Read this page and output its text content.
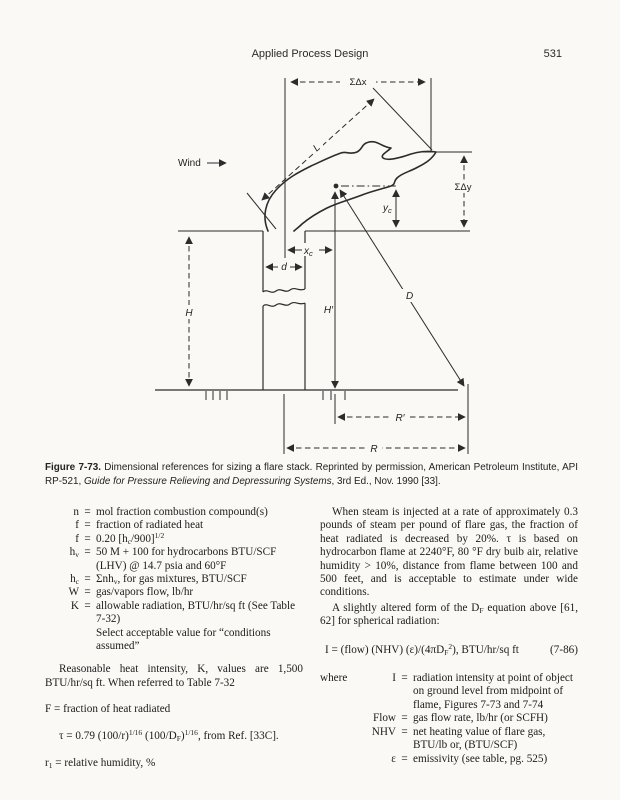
Applied Process Design	531
ΣΔx
L
Wind
ΣΔy
$y_c$
d
$x_c$
H′
D
H
R′
R
Figure 7-73. Dimensional references for sizing a flare stack. Reprinted by permission, American Petroleum Institute, API RP-521, Guide for Pressure Relieving and Depressuring Systems, 3rd Ed., Nov. 1990 [33].
n = mol fraction combustion compound(s)
f = fraction of radiated heat
f = 0.20 $[h_c/900]^{1/2}$
$h_v = 50$ M + 100 for hydrocarbons BTU/SCF (LHV) @ 14.7 psia and 60°F
$h_c = \Sigma nh_v$, for gas mixtures, BTU/SCF
W = gas/vapors flow, lb/hr
K = allowable radiation, BTU/hr/sq ft (See Table 7-32)
Select acceptable value for “conditions assumed”

Reasonable heat intensity, K, values are 1,500 BTU/hr/sq ft. When referred to Table 7-32

F = fraction of heat radiated

τ = 0.79 $(100/r)^{1/16}$ $(100/D_F)^{1/16}$, from Ref. [33C].

$r_1$ = relative humidity, %

When steam is injected at a rate of approximately 0.3 pounds of steam per pound of flare gas, the fraction of heat radiated is decreased by 20%. τ is based on hydrocarbon flame at 2240°F, 80 °F dry buib air, relative humidity > 10%, distance from flame between 100 and 500 feet, and is acceptable to estimate under wide conditions.

A slightly altered form of the $D_F$ equation above [61, 62] for spherical radiation:

I = (flow) (NHV) $(\varepsilon)/(4\pi D_F^2)$, BTU/hr/sq ft	(7-86)
where	I = radiation intensity at point of object on ground level from midpoint of flame, Figures 7-73 and 7-74
Flow = gas flow rate, lb/hr (or SCFH)
NHV = net heating value of flare gas, BTU/lb or, (BTU/SCF)
ε = emissivity (see table, pg. 525)
